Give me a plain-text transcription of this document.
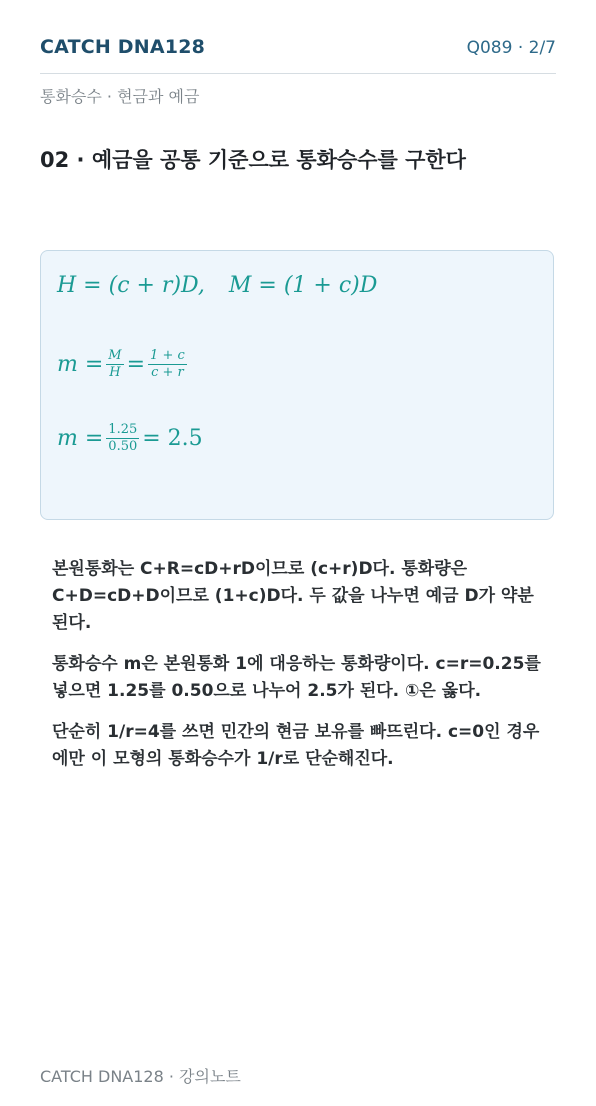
CATCH DNA128	Q089 · 2/7
통화승수 · 현금과 예금
02 · 예금을 공통 기준으로 통화승수를 구한다
H = (c + r)D, M = (1 + c)D
$m = \frac{M}{H} = \frac{1 + c}{c + r}$
$m = \frac{1.25}{0.50} = 2.5$

본원통화는 C+R=cD+rD이므로 (c+r)D다. 통화량은 C+D=cD+D이므로 (1+c)D다. 두 값을 나누면 예금 D가 약분된다.

통화승수 m은 본원통화 1에 대응하는 통화량이다. c=r=0.25를 넣으면 1.25를 0.50으로 나누어 2.5가 된다. ①은 옳다.

단순히 1/r=4를 쓰면 민간의 현금 보유를 빠뜨린다. c=0인 경우에만 이 모형의 통화승수가 1/r로 단순해진다.

CATCH DNA128 · 강의노트
